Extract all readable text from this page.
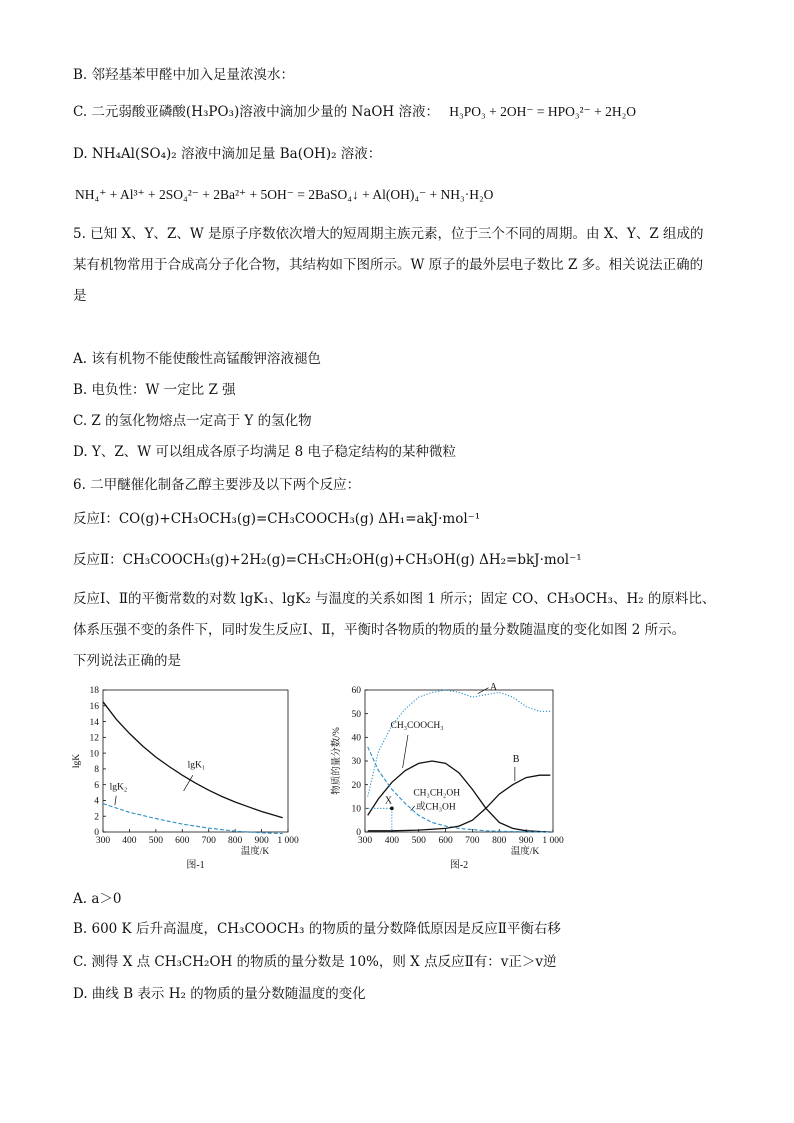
B. 邻羟基苯甲醛中加入足量浓溴水：
C. 二元弱酸亚磷酸(H₃PO₃)溶液中滴加少量的 NaOH 溶液： H₃PO₃ + 2OH⁻ = HPO₃²⁻ + 2H₂O
D. NH₄Al(SO₄)₂ 溶液中滴加足量 Ba(OH)₂ 溶液：
NH₄⁺ + Al³⁺ + 2SO₄²⁻ + 2Ba²⁺ + 5OH⁻ = 2BaSO₄↓ + Al(OH)₄⁻ + NH₃·H₂O
5. 已知 X、Y、Z、W 是原子序数依次增大的短周期主族元素，位于三个不同的周期。由 X、Y、Z 组成的
某有机物常用于合成高分子化合物，其结构如下图所示。W 原子的最外层电子数比 Z 多。相关说法正确的
是
A. 该有机物不能使酸性高锰酸钾溶液褪色
B. 电负性：W 一定比 Z 强
C. Z 的氢化物熔点一定高于 Y 的氢化物
D. Y、Z、W 可以组成各原子均满足 8 电子稳定结构的某种微粒
6. 二甲醚催化制备乙醇主要涉及以下两个反应：
反应Ⅰ：CO(g)+CH₃OCH₃(g)=CH₃COOCH₃(g) ΔH₁=akJ·mol⁻¹
反应Ⅱ：CH₃COOCH₃(g)+2H₂(g)=CH₃CH₂OH(g)+CH₃OH(g) ΔH₂=bkJ·mol⁻¹
反应Ⅰ、Ⅱ的平衡常数的对数 lgK₁、lgK₂ 与温度的关系如图 1 所示；固定 CO、CH₃OCH₃、H₂ 的原料比、
体系压强不变的条件下，同时发生反应Ⅰ、Ⅱ，平衡时各物质的物质的量分数随温度的变化如图 2 所示。
下列说法正确的是
300 400 500 600 700 800 900 1 000
0
2
4
6
8
10
12
14
16
18
温度/K
lgK
图-1
lgK₁
lgK₂
300 400 500 600 700 800 900 1 000
0
10
20
30
40
50
60
温度/K
物质的量分数/%
图-2
A
CH₃COOCH₃
B
CH₃CH₂OH
或CH₃OH
X
A. a＞0
B. 600 K 后升高温度，CH₃COOCH₃ 的物质的量分数降低原因是反应Ⅱ平衡右移
C. 测得 X 点 CH₃CH₂OH 的物质的量分数是 10%，则 X 点反应Ⅱ有：v正＞v逆
D. 曲线 B 表示 H₂ 的物质的量分数随温度的变化
